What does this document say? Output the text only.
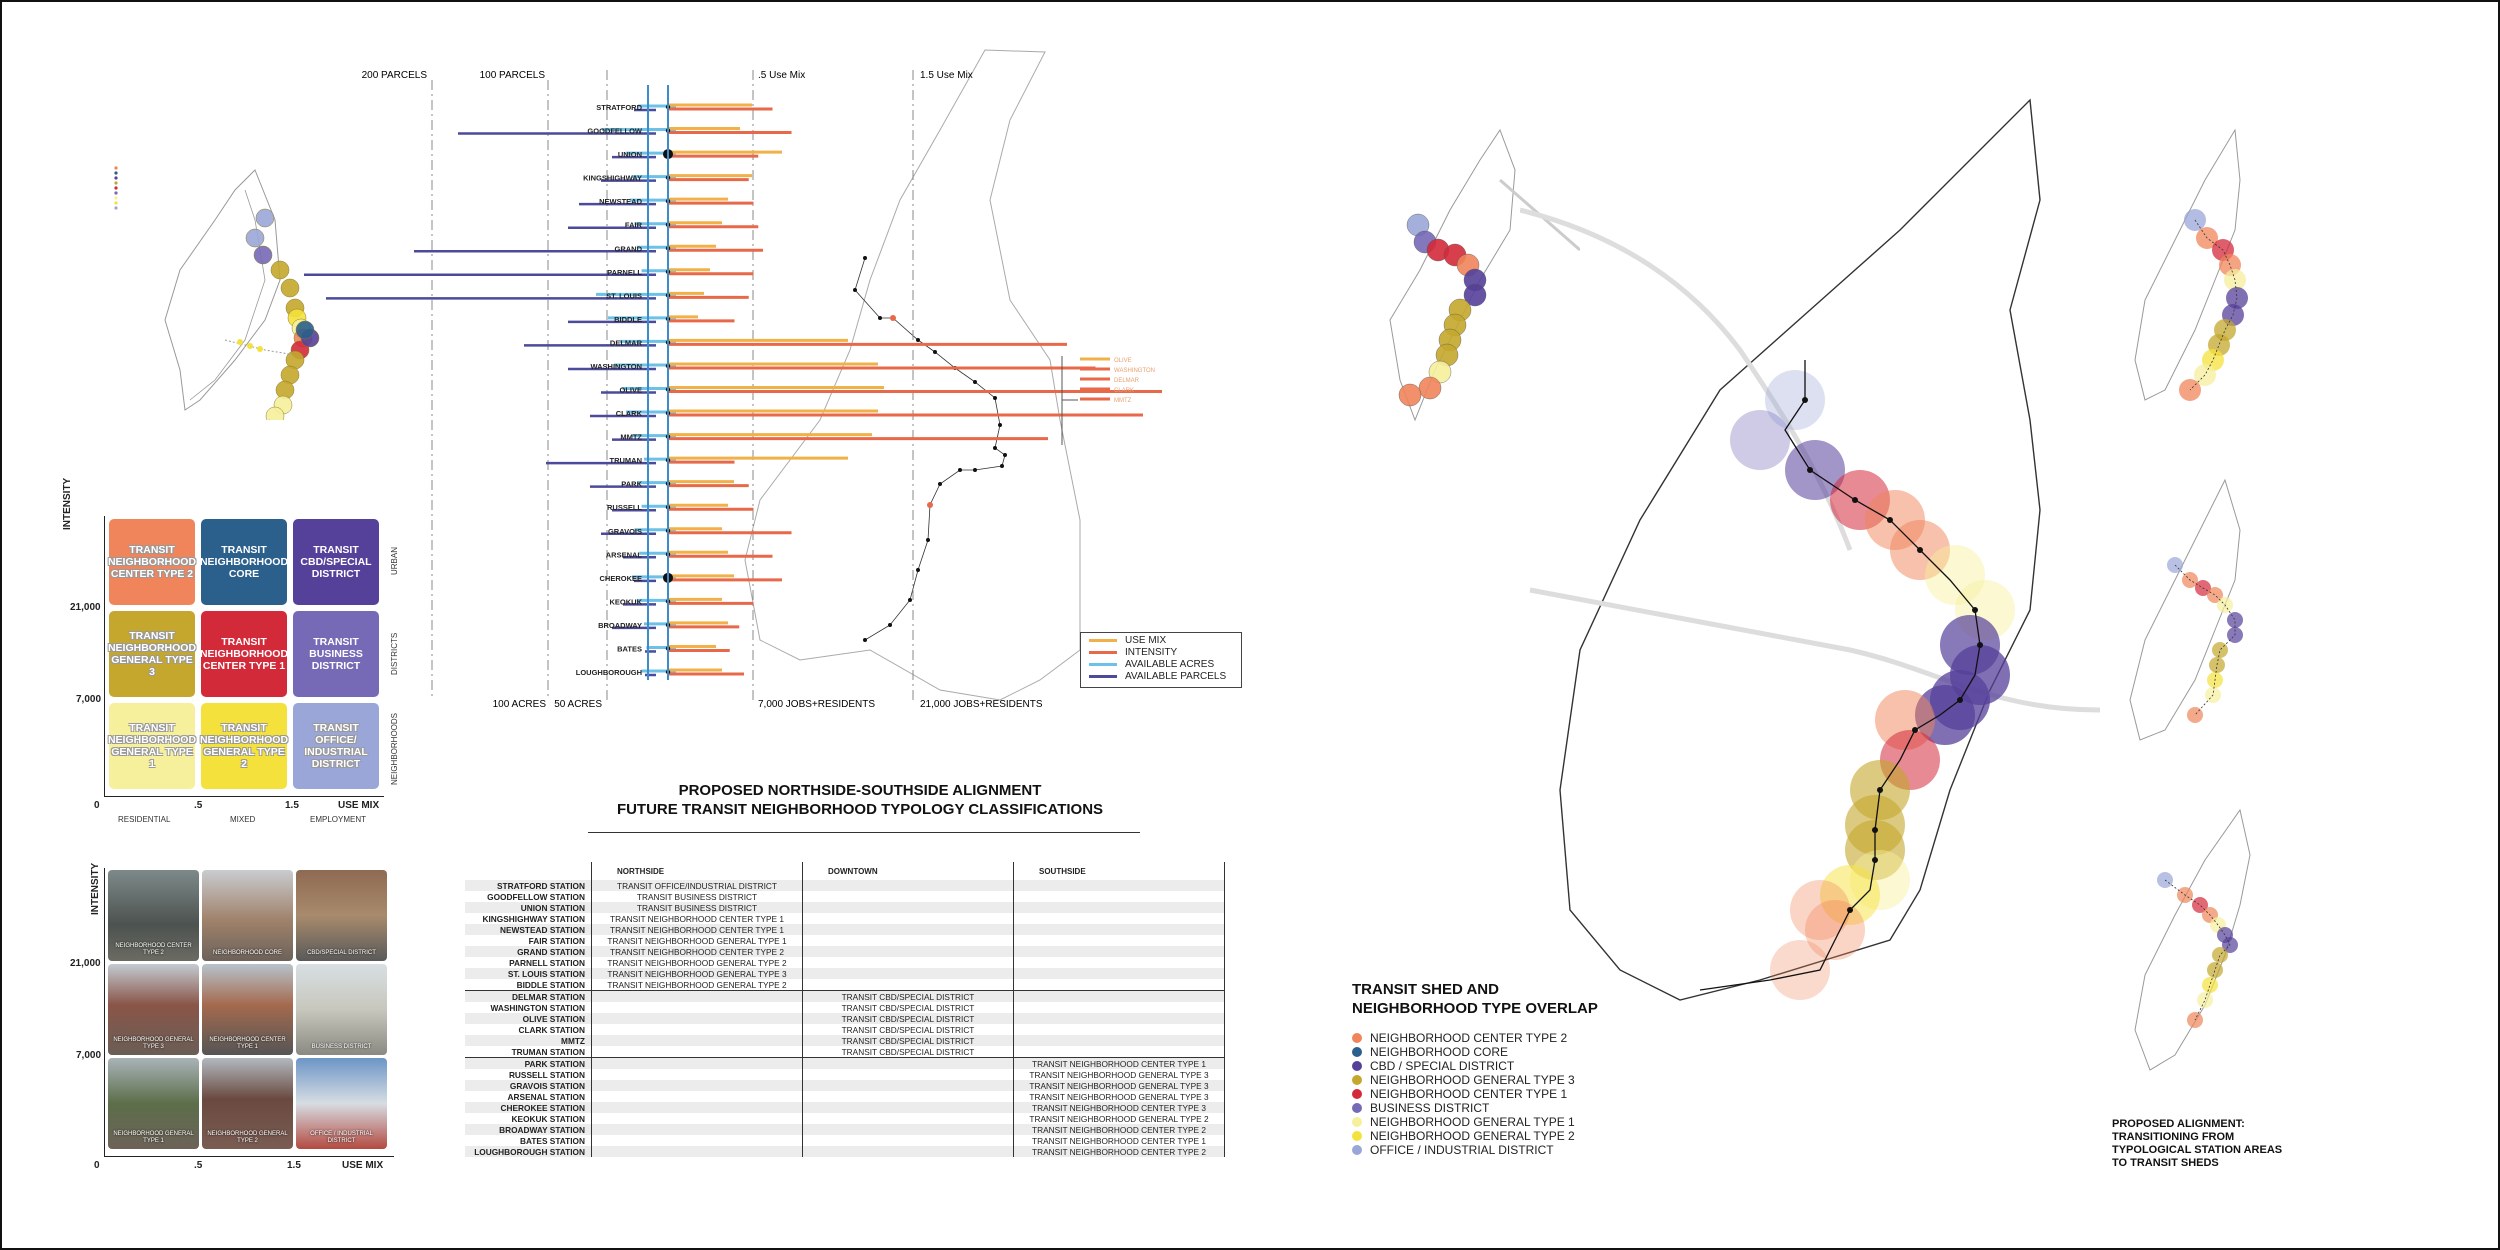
INTENSITY
21,000
7,000
0	.5	1.5	USE MIX
RESIDENTIAL	MIXED	EMPLOYMENT
URBAN
DISTRICTS
NEIGHBORHOODS
TRANSIT NEIGHBORHOOD CENTER TYPE 2
TRANSIT NEIGHBORHOOD CORE
TRANSIT CBD/SPECIAL DISTRICT
TRANSIT NEIGHBORHOOD GENERAL TYPE 3
TRANSIT NEIGHBORHOOD CENTER TYPE 1
TRANSIT BUSINESS DISTRICT
TRANSIT NEIGHBORHOOD GENERAL TYPE 1
TRANSIT NEIGHBORHOOD GENERAL TYPE 2
TRANSIT OFFICE/ INDUSTRIAL DISTRICT
INTENSITY
21,000
7,000
0	.5	1.5	USE MIX
NEIGHBORHOOD CENTER TYPE 2	NEIGHBORHOOD CORE	CBD/SPECIAL DISTRICT
NEIGHBORHOOD GENERAL TYPE 3
NEIGHBORHOOD CENTER TYPE 1	BUSINESS DISTRICT
NEIGHBORHOOD GENERAL TYPE 1
NEIGHBORHOOD GENERAL TYPE 2
OFFICE / INDUSTRIAL DISTRICT
200 PARCELS	100 PARCELS	.5 Use Mix	1.5 Use Mix
100 ACRES 50 ACRES	7,000 JOBS+RESIDENTS	21,000 JOBS+RESIDENTS
STRATFORD
GOODFELLOW
UNION
KINGSHIGHWAY
NEWSTEAD
FAIR
GRAND
PARNELL
ST. LOUIS
BIDDLE
DELMAR
WASHINGTON
OLIVE
CLARK
MMTZ
TRUMAN
PARK
RUSSELL
GRAVOIS
ARSENAL
CHEROKEE
KEOKUK
BROADWAY
BATES
LOUGHBOROUGH
OLIVE
WASHINGTON
DELMAR
CLARK
MMTZ
USE MIX
INTENSITY
AVAILABLE ACRES
AVAILABLE PARCELS
PROPOSED NORTHSIDE-SOUTHSIDE ALIGNMENT
FUTURE TRANSIT NEIGHBORHOOD TYPOLOGY CLASSIFICATIONS
	NORTHSIDE	DOWNTOWN	SOUTHSIDE
STRATFORD STATION	TRANSIT OFFICE/INDUSTRIAL DISTRICT		
GOODFELLOW STATION	TRANSIT BUSINESS DISTRICT		
UNION STATION	TRANSIT BUSINESS DISTRICT		
KINGSHIGHWAY STATION	TRANSIT NEIGHBORHOOD CENTER TYPE 1		
NEWSTEAD STATION	TRANSIT NEIGHBORHOOD CENTER TYPE 1		
FAIR STATION	TRANSIT NEIGHBORHOOD GENERAL TYPE 1		
GRAND STATION	TRANSIT NEIGHBORHOOD CENTER TYPE 2		
PARNELL STATION	TRANSIT NEIGHBORHOOD GENERAL TYPE 2		
ST. LOUIS STATION	TRANSIT NEIGHBORHOOD GENERAL TYPE 3		
BIDDLE STATION	TRANSIT NEIGHBORHOOD GENERAL TYPE 2		
DELMAR STATION		TRANSIT CBD/SPECIAL DISTRICT	
WASHINGTON STATION		TRANSIT CBD/SPECIAL DISTRICT	
OLIVE STATION		TRANSIT CBD/SPECIAL DISTRICT	
CLARK STATION		TRANSIT CBD/SPECIAL DISTRICT	
MMTZ		TRANSIT CBD/SPECIAL DISTRICT	
TRUMAN STATION		TRANSIT CBD/SPECIAL DISTRICT	
PARK STATION			TRANSIT NEIGHBORHOOD CENTER TYPE 1
RUSSELL STATION			TRANSIT NEIGHBORHOOD GENERAL TYPE 3
GRAVOIS STATION			TRANSIT NEIGHBORHOOD GENERAL TYPE 3
ARSENAL STATION			TRANSIT NEIGHBORHOOD GENERAL TYPE 3
CHEROKEE STATION			TRANSIT NEIGHBORHOOD CENTER TYPE 3
KEOKUK STATION			TRANSIT NEIGHBORHOOD GENERAL TYPE 2
BROADWAY STATION			TRANSIT NEIGHBORHOOD CENTER TYPE 2
BATES STATION			TRANSIT NEIGHBORHOOD CENTER TYPE 1
LOUGHBOROUGH STATION			TRANSIT NEIGHBORHOOD CENTER TYPE 2
TRANSIT SHED AND
NEIGHBORHOOD TYPE OVERLAP
NEIGHBORHOOD CENTER TYPE 2
NEIGHBORHOOD CORE
CBD / SPECIAL DISTRICT
NEIGHBORHOOD GENERAL TYPE 3
NEIGHBORHOOD CENTER TYPE 1
BUSINESS DISTRICT
NEIGHBORHOOD GENERAL TYPE 1
NEIGHBORHOOD GENERAL TYPE 2
OFFICE / INDUSTRIAL DISTRICT
PROPOSED ALIGNMENT:
TRANSITIONING FROM
TYPOLOGICAL STATION AREAS
TO TRANSIT SHEDS
